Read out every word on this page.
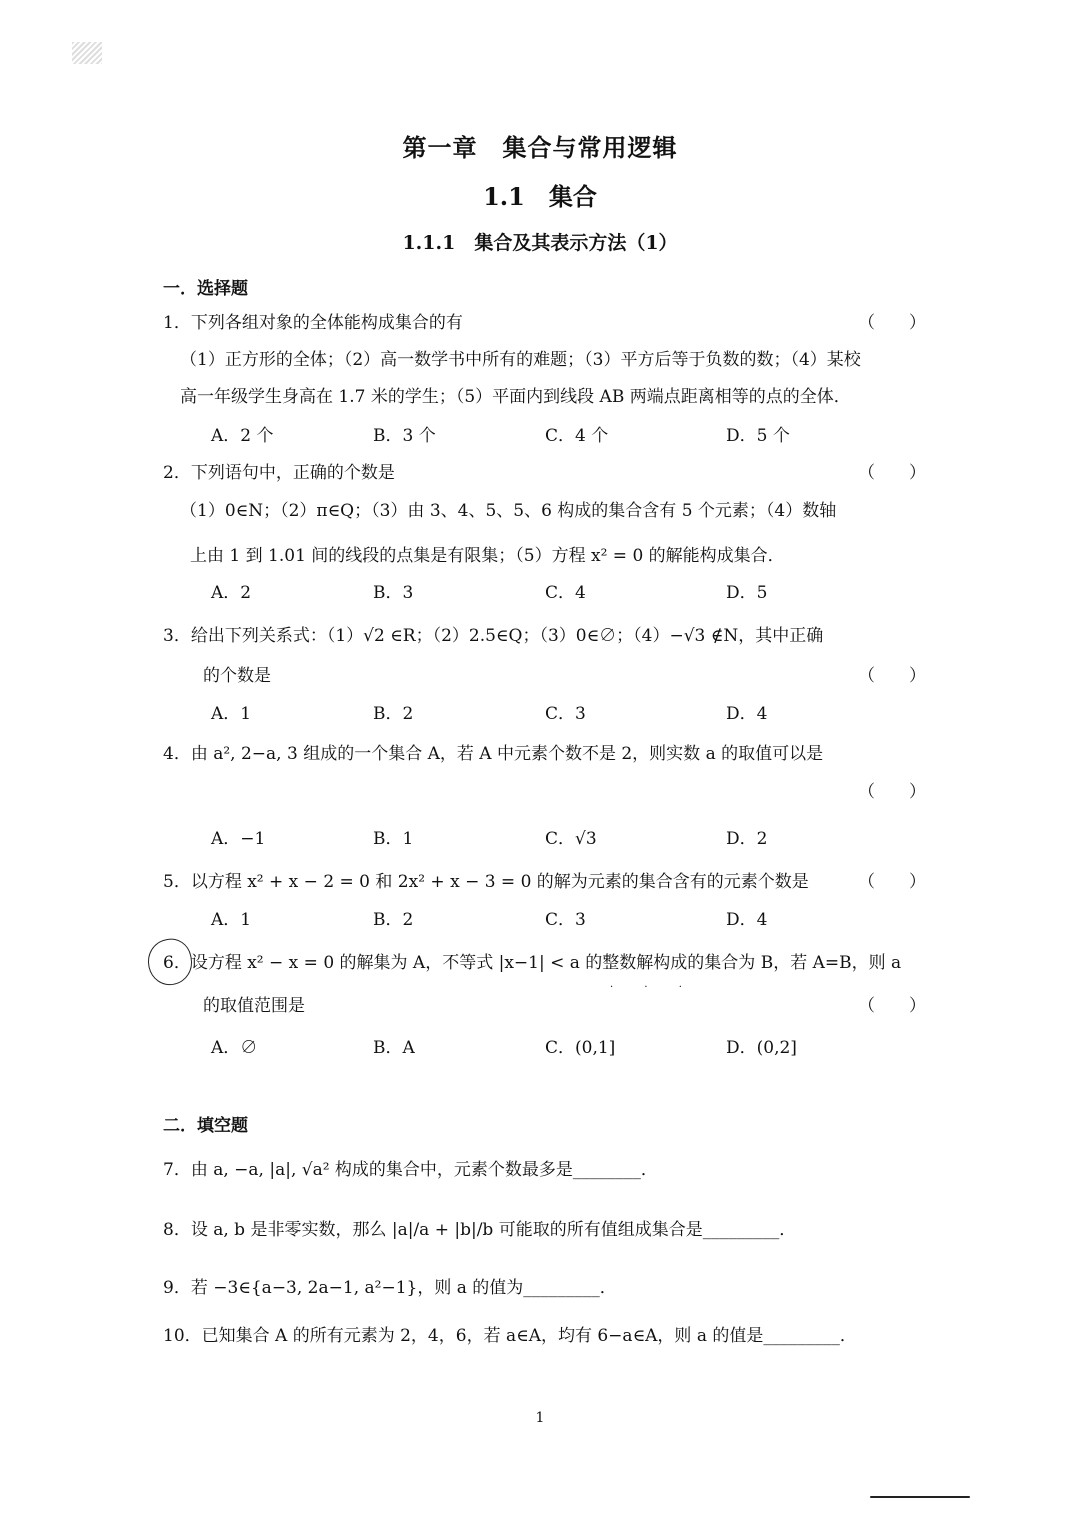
第一章　集合与常用逻辑
1.1　集合
1.1.1　集合及其表示方法（1）
一．选择题
1．下列各组对象的全体能构成集合的有	（　　）
（1）正方形的全体；（2）高一数学书中所有的难题；（3）平方后等于负数的数；（4）某校
高一年级学生身高在 1.7 米的学生；（5）平面内到线段 AB 两端点距离相等的点的全体．
A．2 个	B．3 个	C．4 个	D．5 个
2．下列语句中，正确的个数是	（　　）
（1）0∈N；（2）π∈Q；（3）由 3、4、5、5、6 构成的集合含有 5 个元素；（4）数轴
上由 1 到 1.01 间的线段的点集是有限集；（5）方程 x² = 0 的解能构成集合．
A．2	B．3	C．4	D．5
3．给出下列关系式：（1）√2 ∈R；（2）2.5∈Q；（3）0∈∅；（4）−√3 ∉N，其中正确
的个数是	（　　）
A．1	B．2	C．3	D．4
4．由 a², 2−a, 3 组成的一个集合 A，若 A 中元素个数不是 2，则实数 a 的取值可以是
（　　）
A．−1	B．1	C．√3	D．2
5．以方程 x² + x − 2 = 0 和 2x² + x − 3 = 0 的解为元素的集合含有的元素个数是	（　　）
A．1	B．2	C．3	D．4
6．设方程 x² − x = 0 的解集为 A，不等式 |x−1| < a 的整数解构成的集合为 B，若 A=B，则 a
· · ·
的取值范围是	（　　）
A．∅	B．A	C．(0,1]	D．(0,2]
二．填空题
7．由 a, −a, |a|, √a² 构成的集合中，元素个数最多是________．
8．设 a, b 是非零实数，那么 |a|/a + |b|/b 可能取的所有值组成集合是_________．
9．若 −3∈{a−3, 2a−1, a²−1}，则 a 的值为_________．
10．已知集合 A 的所有元素为 2，4，6，若 a∈A，均有 6−a∈A，则 a 的值是_________．
1
